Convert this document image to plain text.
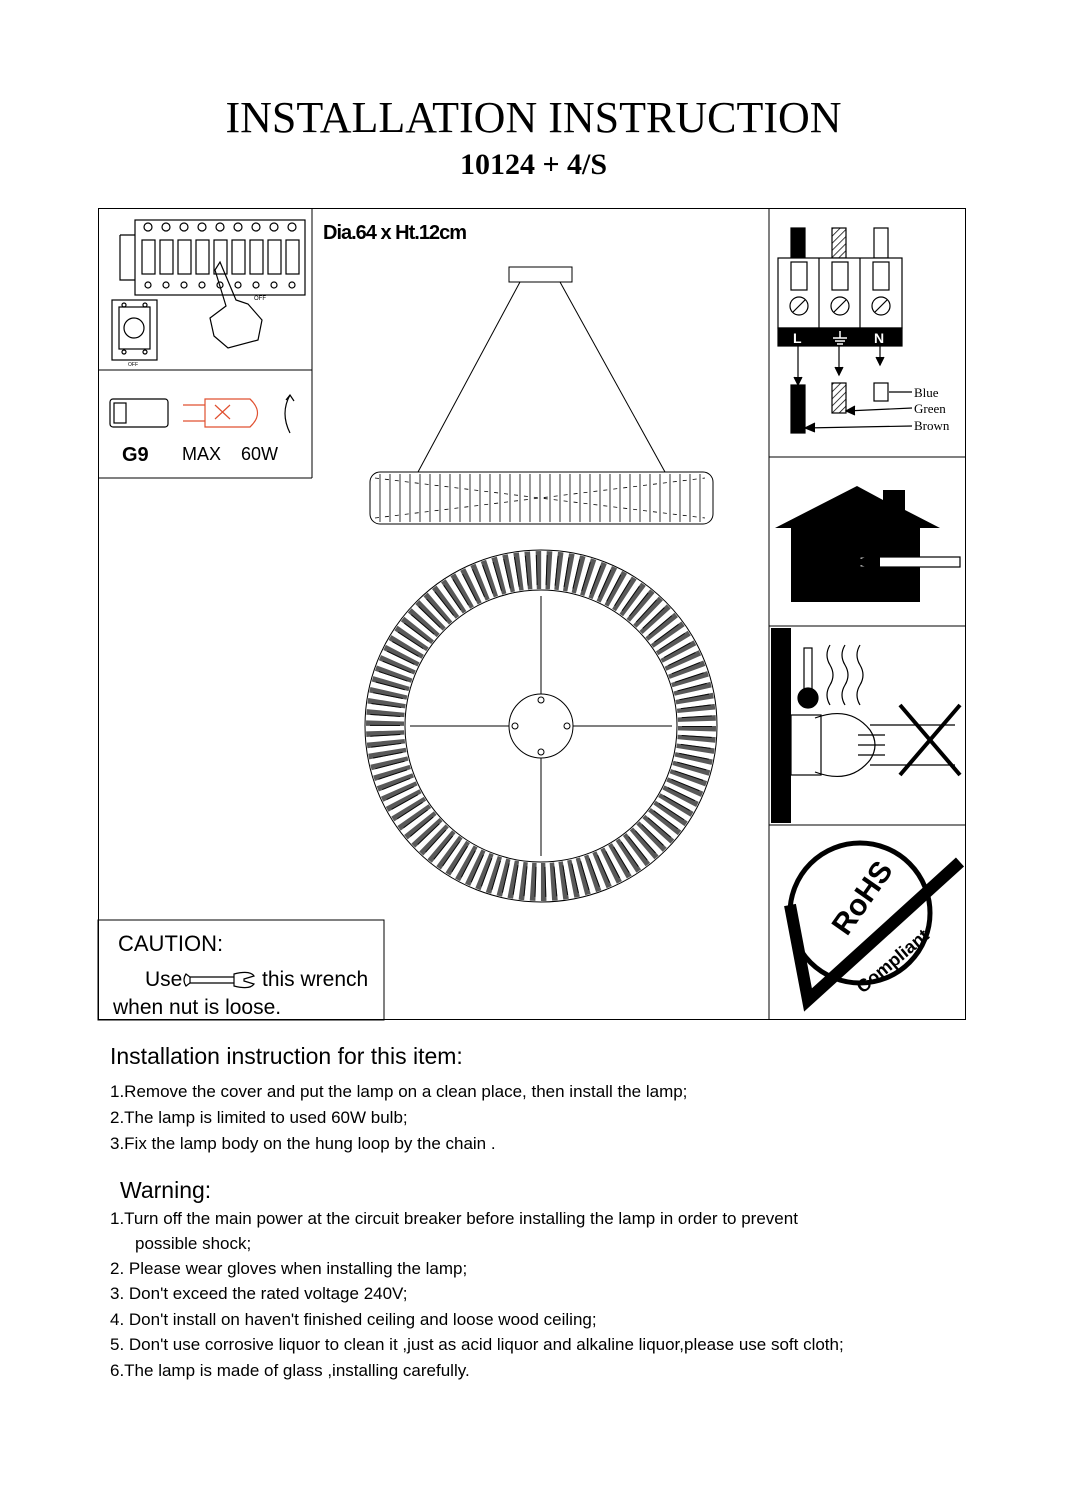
INSTALLATION INSTRUCTION
10124 + 4/S
OFF
OFF
L	N
Blue
Green
Brown
RoHS
Compliant
Dia.64 x Ht.12cm
G9 MAX 60W
CAUTION:
Use	this wrench
when nut is loose.
Installation instruction for this item:
1.Remove the cover and put the lamp on a clean place, then install the lamp;
2.The lamp is limited to used 60W bulb;
3.Fix the lamp body on the hung loop by the chain .
Warning:
1.Turn off the main power at the circuit breaker before installing the lamp in order to prevent
possible shock;
2. Please wear gloves when installing the lamp;
3. Don't exceed the rated voltage 240V;
4. Don't install on haven't finished ceiling and loose wood ceiling;
5. Don't use corrosive liquor to clean it ,just as acid liquor and alkaline liquor,please use soft cloth;
6.The lamp is made of glass ,installing carefully.
